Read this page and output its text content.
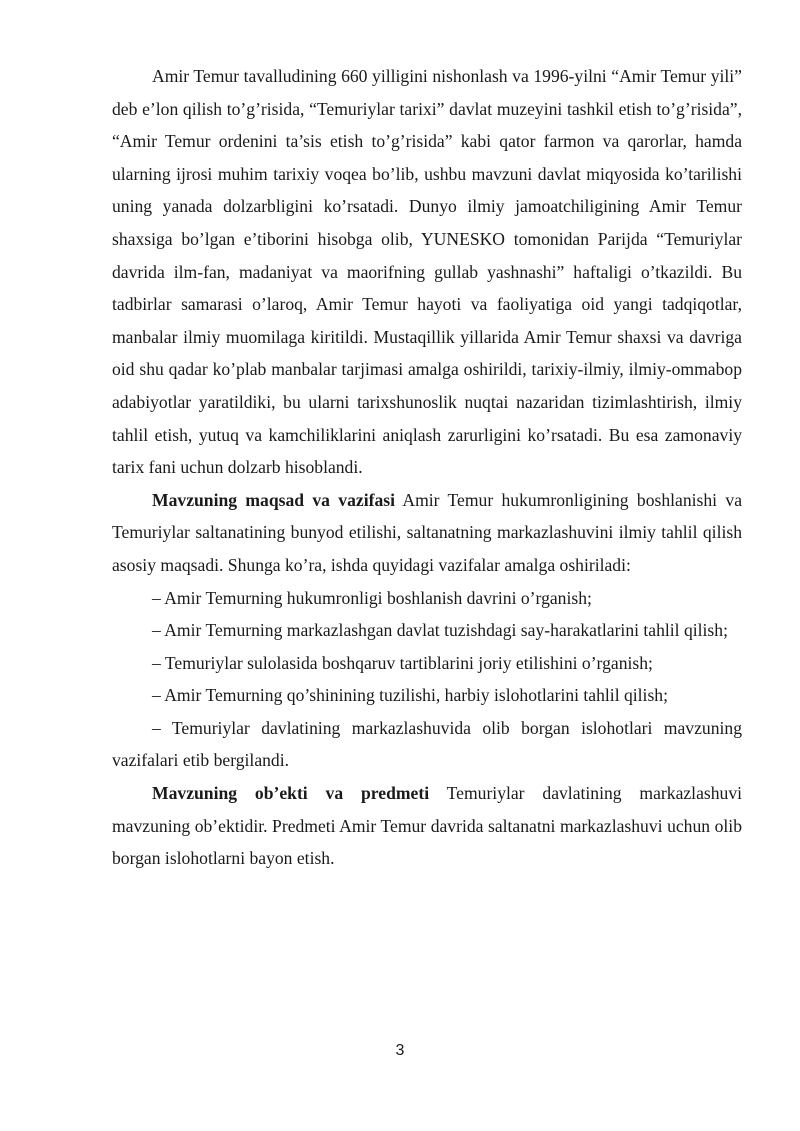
Amir Temur tavalludining 660 yilligini nishonlash va 1996-yilni “Amir Temur yili” deb e’lon qilish to’g’risida, “Temuriylar tarixi” davlat muzeyini tashkil etish to’g’risida”, “Amir Temur ordenini ta’sis etish to’g’risida” kabi qator farmon va qarorlar, hamda ularning ijrosi muhim tarixiy voqea bo’lib, ushbu mavzuni davlat miqyosida ko’tarilishi uning yanada dolzarbligini ko’rsatadi. Dunyo ilmiy jamoatchiligining Amir Temur shaxsiga bo’lgan e’tiborini hisobga olib, YUNESKO tomonidan Parijda “Temuriylar davrida ilm-fan, madaniyat va maorifning gullab yashnashi” haftaligi o’tkazildi. Bu tadbirlar samarasi o’laroq, Amir Temur hayoti va faoliyatiga oid yangi tadqiqotlar, manbalar ilmiy muomilaga kiritildi. Mustaqillik yillarida Amir Temur shaxsi va davriga oid shu qadar ko’plab manbalar tarjimasi amalga oshirildi, tarixiy-ilmiy, ilmiy-ommabop adabiyotlar yaratildiki, bu ularni tarixshunoslik nuqtai nazaridan tizimlashtirish, ilmiy tahlil etish, yutuq va kamchiliklarini aniqlash zarurligini ko’rsatadi. Bu esa zamonaviy tarix fani uchun dolzarb hisoblandi.

Mavzuning maqsad va vazifasi Amir Temur hukumronligining boshlanishi va Temuriylar saltanatining bunyod etilishi, saltanatning markazlashuvini ilmiy tahlil qilish asosiy maqsadi. Shunga ko’ra, ishda quyidagi vazifalar amalga oshiriladi:

– Amir Temurning hukumronligi boshlanish davrini o’rganish;

– Amir Temurning markazlashgan davlat tuzishdagi say-harakatlarini tahlil qilish;

– Temuriylar sulolasida boshqaruv tartiblarini joriy etilishini o’rganish;

– Amir Temurning qo’shinining tuzilishi, harbiy islohotlarini tahlil qilish;

– Temuriylar davlatining markazlashuvida olib borgan islohotlari mavzuning vazifalari etib bergilandi.

Mavzuning ob’ekti va predmeti Temuriylar davlatining markazlashuvi mavzuning ob’ektidir. Predmeti Amir Temur davrida saltanatni markazlashuvi uchun olib borgan islohotlarni bayon etish.

3
